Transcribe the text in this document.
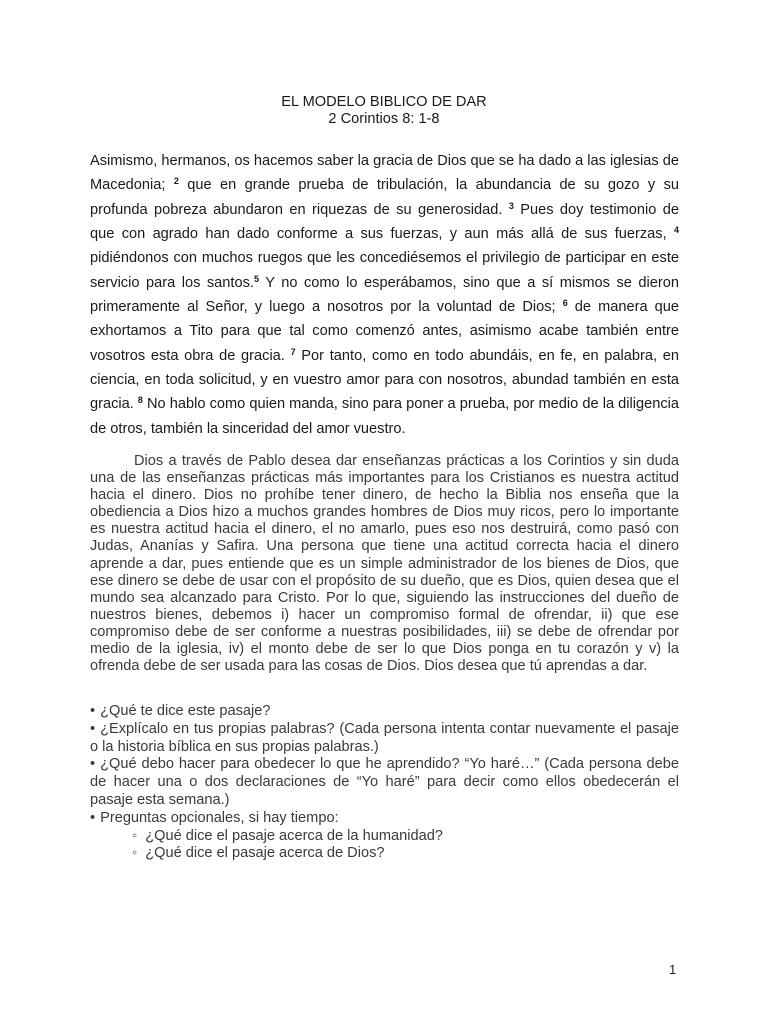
EL MODELO BIBLICO DE DAR
2 Corintios 8: 1-8
Asimismo, hermanos, os hacemos saber la gracia de Dios que se ha dado a las iglesias de Macedonia; $^2$ que en grande prueba de tribulación, la abundancia de su gozo y su profunda pobreza abundaron en riquezas de su generosidad. $^3$ Pues doy testimonio de que con agrado han dado conforme a sus fuerzas, y aun más allá de sus fuerzas, $^4$ pidiéndonos con muchos ruegos que les concediésemos el privilegio de participar en este servicio para los santos.$^5$ Y no como lo esperábamos, sino que a sí mismos se dieron primeramente al Señor, y luego a nosotros por la voluntad de Dios; $^6$ de manera que exhortamos a Tito para que tal como comenzó antes, asimismo acabe también entre vosotros esta obra de gracia. $^7$ Por tanto, como en todo abundáis, en fe, en palabra, en ciencia, en toda solicitud, y en vuestro amor para con nosotros, abundad también en esta gracia. $^8$ No hablo como quien manda, sino para poner a prueba, por medio de la diligencia de otros, también la sinceridad del amor vuestro.
Dios a través de Pablo desea dar enseñanzas prácticas a los Corintios y sin duda una de las enseñanzas prácticas más importantes para los Cristianos es nuestra actitud hacia el dinero. Dios no prohíbe tener dinero, de hecho la Biblia nos enseña que la obediencia a Dios hizo a muchos grandes hombres de Dios muy ricos, pero lo importante es nuestra actitud hacia el dinero, el no amarlo, pues eso nos destruirá, como pasó con Judas, Ananías y Safira. Una persona que tiene una actitud correcta hacia el dinero aprende a dar, pues entiende que es un simple administrador de los bienes de Dios, que ese dinero se debe de usar con el propósito de su dueño, que es Dios, quien desea que el mundo sea alcanzado para Cristo. Por lo que, siguiendo las instrucciones del dueño de nuestros bienes, debemos i) hacer un compromiso formal de ofrendar, ii) que ese compromiso debe de ser conforme a nuestras posibilidades, iii) se debe de ofrendar por medio de la iglesia, iv) el monto debe de ser lo que Dios ponga en tu corazón y v) la ofrenda debe de ser usada para las cosas de Dios. Dios desea que tú aprendas a dar.
• ¿Qué te dice este pasaje?
• ¿Explícalo en tus propias palabras? (Cada persona intenta contar nuevamente el pasaje o la historia bíblica en sus propias palabras.)
• ¿Qué debo hacer para obedecer lo que he aprendido? “Yo haré…” (Cada persona debe de hacer una o dos declaraciones de “Yo haré” para decir como ellos obedecerán el pasaje esta semana.)
• Preguntas opcionales, si hay tiempo:
◦ ¿Qué dice el pasaje acerca de la humanidad?
◦ ¿Qué dice el pasaje acerca de Dios?
1
